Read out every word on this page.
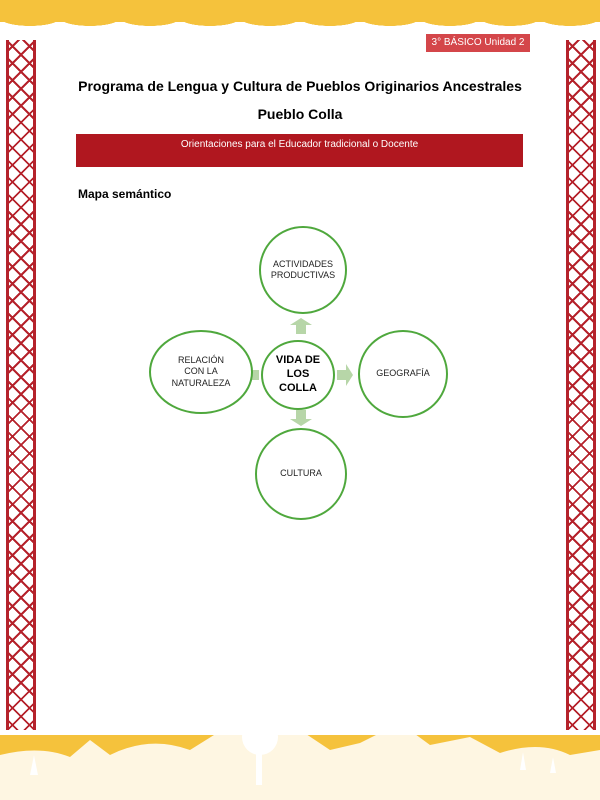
3° BÁSICO Unidad 2
Programa de Lengua y Cultura de Pueblos Originarios Ancestrales
Pueblo Colla
Orientaciones para el Educador tradicional o Docente
Mapa semántico
ACTIVIDADES
PRODUCTIVAS
GEOGRAFÍA
CULTURA
RELACIÓN
CON LA
NATURALEZA
VIDA DE
LOS
COLLA
